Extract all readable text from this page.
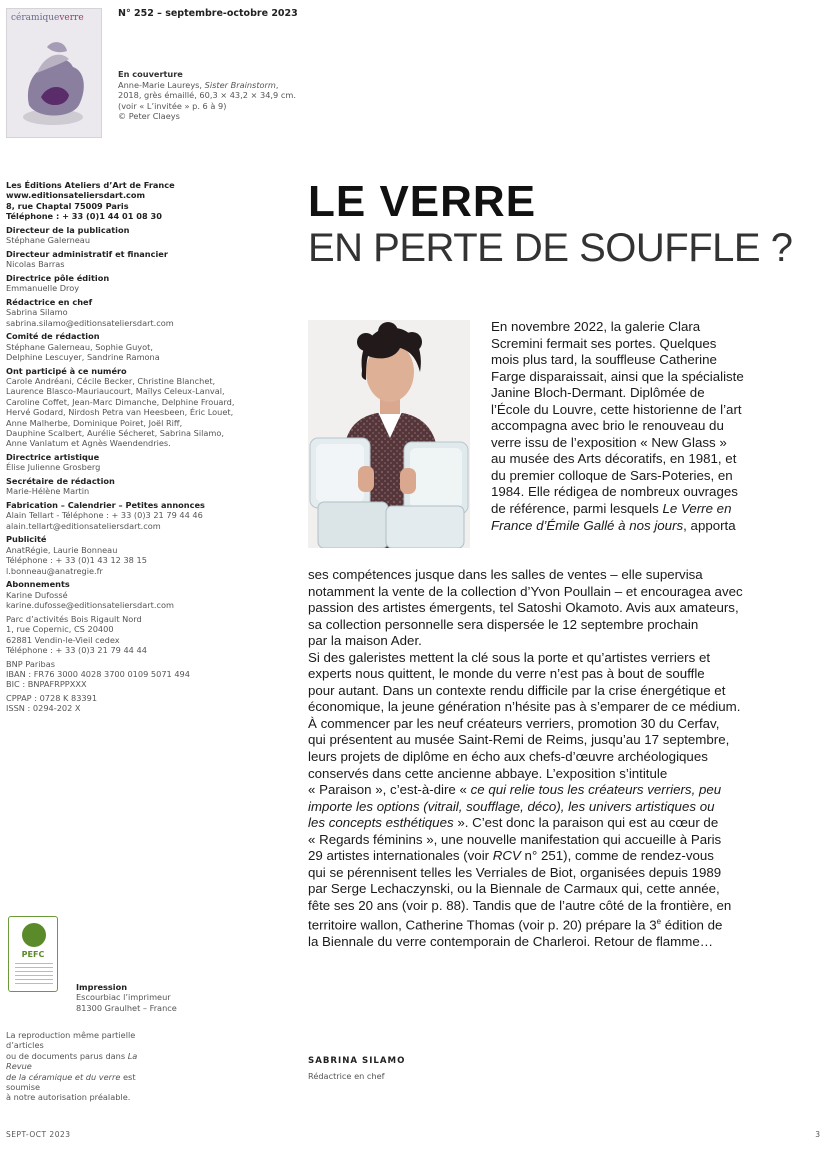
céramiqueverre	N° 252 – septembre-octobre 2023
En couverture
Anne-Marie Laureys, Sister Brainstorm,
2018, grès émaillé, 60,3 × 43,2 × 34,9 cm.
(voir « L’invitée » p. 6 à 9)
© Peter Claeys
Les Éditions Ateliers d’Art de France
www.editionsateliersdart.com
8, rue Chaptal 75009 Paris
Téléphone : + 33 (0)1 44 01 08 30
Directeur de la publication
Stéphane Galerneau
Directeur administratif et financier
Nicolas Barras
Directrice pôle édition
Emmanuelle Droy
Rédactrice en chef
Sabrina Silamo
sabrina.silamo@editionsateliersdart.com
Comité de rédaction
Stéphane Galerneau, Sophie Guyot,
Delphine Lescuyer, Sandrine Ramona
Ont participé à ce numéro
Carole Andréani, Cécile Becker, Christine Blanchet,
Laurence Blasco-Mauriaucourt, Maïlys Celeux-Lanval,
Caroline Coffet, Jean-Marc Dimanche, Delphine Frouard,
Hervé Godard, Nirdosh Petra van Heesbeen, Éric Louet,
Anne Malherbe, Dominique Poiret, Joël Riff,
Dauphine Scalbert, Aurélie Sécheret, Sabrina Silamo,
Anne Vanlatum et Agnès Waendendries.
Directrice artistique
Élise Julienne Grosberg
Secrétaire de rédaction
Marie-Hélène Martin
Fabrication – Calendrier – Petites annonces
Alain Tellart - Téléphone : + 33 (0)3 21 79 44 46
alain.tellart@editionsateliersdart.com
Publicité
AnatRégie, Laurie Bonneau
Téléphone : + 33 (0)1 43 12 38 15
l.bonneau@anatregie.fr
Abonnements
Karine Dufossé
karine.dufosse@editionsateliersdart.com
Parc d’activités Bois Rigault Nord
1, rue Copernic, CS 20400
62881 Vendin-le-Vieil cedex
Téléphone : + 33 (0)3 21 79 44 44
BNP Paribas
IBAN : FR76 3000 4028 3700 0109 5071 494
BIC : BNPAFRPPXXX
CPPAP : 0728 K 83391
ISSN : 0294-202 X
PEFC
Impression
Escourbiac l’imprimeur
81300 Graulhet – France
La reproduction même partielle d’articles
ou de documents parus dans La Revue
de la céramique et du verre est soumise
à notre autorisation préalable.
LE VERRE
EN PERTE DE SOUFFLE ?
En novembre 2022, la galerie Clara
Scremini fermait ses portes. Quelques
mois plus tard, la souffleuse Catherine
Farge disparaissait, ainsi que la spécialiste
Janine Bloch-Dermant. Diplômée de
l’École du Louvre, cette historienne de l’art
accompagna avec brio le renouveau du
verre issu de l’exposition « New Glass »
au musée des Arts décoratifs, en 1981, et
du premier colloque de Sars-Poteries, en
1984. Elle rédigea de nombreux ouvrages
de référence, parmi lesquels Le Verre en
France d’Émile Gallé à nos jours, apporta
ses compétences jusque dans les salles de ventes – elle supervisa
notamment la vente de la collection d’Yvon Poullain – et encouragea avec
passion des artistes émergents, tel Satoshi Okamoto. Avis aux amateurs,
sa collection personnelle sera dispersée le 12 septembre prochain
par la maison Ader.
Si des galeristes mettent la clé sous la porte et qu’artistes verriers et
experts nous quittent, le monde du verre n’est pas à bout de souffle
pour autant. Dans un contexte rendu difficile par la crise énergétique et
économique, la jeune génération n’hésite pas à s’emparer de ce médium.
À commencer par les neuf créateurs verriers, promotion 30 du Cerfav,
qui présentent au musée Saint-Remi de Reims, jusqu’au 17 septembre,
leurs projets de diplôme en écho aux chefs-d’œuvre archéologiques
conservés dans cette ancienne abbaye. L’exposition s’intitule
« Paraison », c’est-à-dire « ce qui relie tous les créateurs verriers, peu
importe les options (vitrail, soufflage, déco), les univers artistiques ou
les concepts esthétiques ». C’est donc la paraison qui est au cœur de
« Regards féminins », une nouvelle manifestation qui accueille à Paris
29 artistes internationales (voir RCV n° 251), comme de rendez-vous
qui se pérennisent telles les Verriales de Biot, organisées depuis 1989
par Serge Lechaczynski, ou la Biennale de Carmaux qui, cette année,
fête ses 20 ans (voir p. 88). Tandis que de l’autre côté de la frontière, en
territoire wallon, Catherine Thomas (voir p. 20) prépare la 3e édition de
la Biennale du verre contemporain de Charleroi. Retour de flamme…
SABRINA SILAMO
Rédactrice en chef
SEPT-OCT 2023	3
